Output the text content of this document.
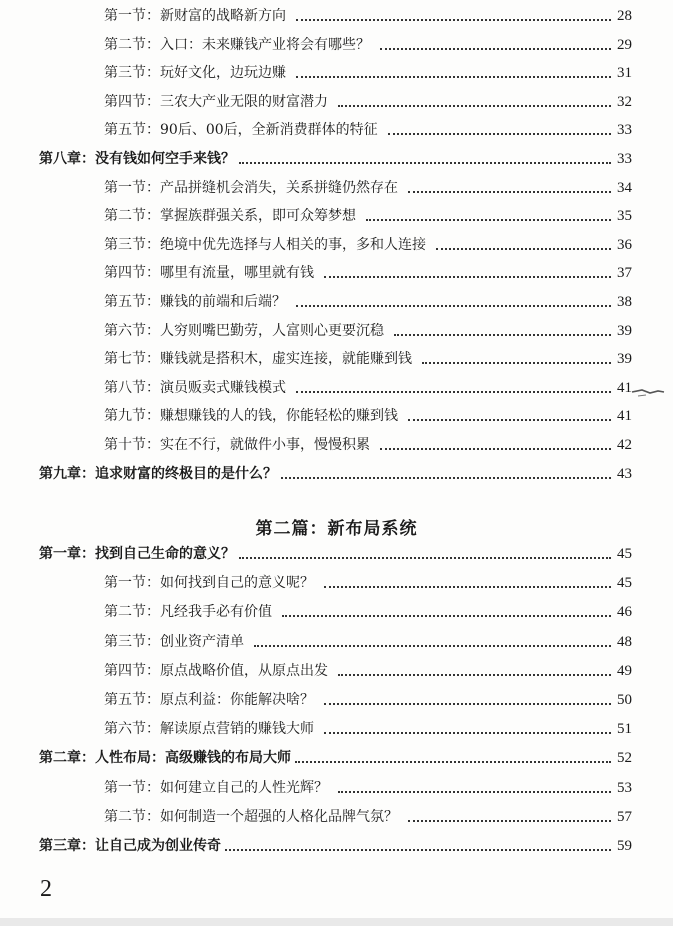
第一节：新财富的战略新方向	28
第二节：入口：未来赚钱产业将会有哪些？	29
第三节：玩好文化，边玩边赚	31
第四节：三农大产业无限的财富潜力	32
第五节：90后、00后，全新消费群体的特征	33
第八章：没有钱如何空手来钱？	33
第一节：产品拼缝机会消失，关系拼缝仍然存在	34
第二节：掌握族群强关系，即可众筹梦想	35
第三节：绝境中优先选择与人相关的事，多和人连接	36
第四节：哪里有流量，哪里就有钱	37
第五节：赚钱的前端和后端？	38
第六节：人穷则嘴巴勤劳，人富则心更要沉稳	39
第七节：赚钱就是搭积木，虚实连接，就能赚到钱	39
第八节：演员贩卖式赚钱模式	41
第九节：赚想赚钱的人的钱，你能轻松的赚到钱	41
第十节：实在不行，就做件小事，慢慢积累	42
第九章：追求财富的终极目的是什么？	43
第二篇：新布局系统
第一章：找到自己生命的意义？	45
第一节：如何找到自己的意义呢？	45
第二节：凡经我手必有价值	46
第三节：创业资产清单	48
第四节：原点战略价值，从原点出发	49
第五节：原点利益：你能解决啥？	50
第六节：解读原点营销的赚钱大师	51
第二章：人性布局：高级赚钱的布局大师	52
第一节：如何建立自己的人性光辉？	53
第二节：如何制造一个超强的人格化品牌气氛？	57
第三章：让自己成为创业传奇	59
2
